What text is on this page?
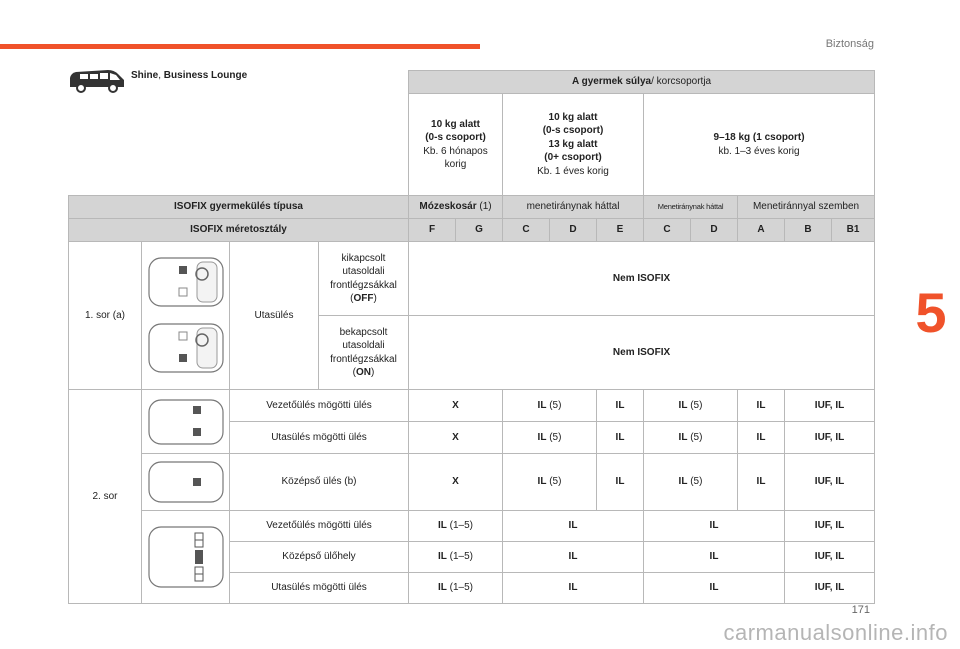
Biztonság
5
				A gyermek súlya/ korcsoportja									

				10 kg alatt
(0-s csoport)
Kb. 6 hónapos
korig		10 kg alatt
(0-s csoport)
13 kg alatt
(0+ csoport)
Kb. 1 éves korig			9–18 kg (1 csoport)
kb. 1–3 éves korig				

ISOFIX gyermekülés típusa				Mózeskosár (1)		menetiránynak háttal			Menetiránynak háttal		Menetiránnyal szemben		
ISOFIX méretosztály				F	G	C	D	E	C	D	A	B	B1
1. sor (a)		Utasülés	kikapcsolt
utasoldali
frontlégzsákkal
(OFF)	Nem ISOFIX									
			bekapcsolt
utasoldali
frontlégzsákkal
(ON)	Nem ISOFIX									
2. sor		Vezetőülés mögötti ülés		X		IL (5)		IL	IL (5)		IL	IUF, IL	
		Utasülés mögötti ülés		X		IL (5)		IL	IL (5)		IL	IUF, IL	

	Középső ülés (b)		X		IL (5)		IL	IL (5)		IL	IUF, IL	

	Vezetőülés mögötti ülés		IL (1–5)		IL			IL			IUF, IL	
		Középső ülőhely		IL (1–5)		IL			IL			IUF, IL	
		Utasülés mögötti ülés		IL (1–5)		IL			IL			IUF, IL	
Shine, Business Lounge
171
carmanualsonline.info
